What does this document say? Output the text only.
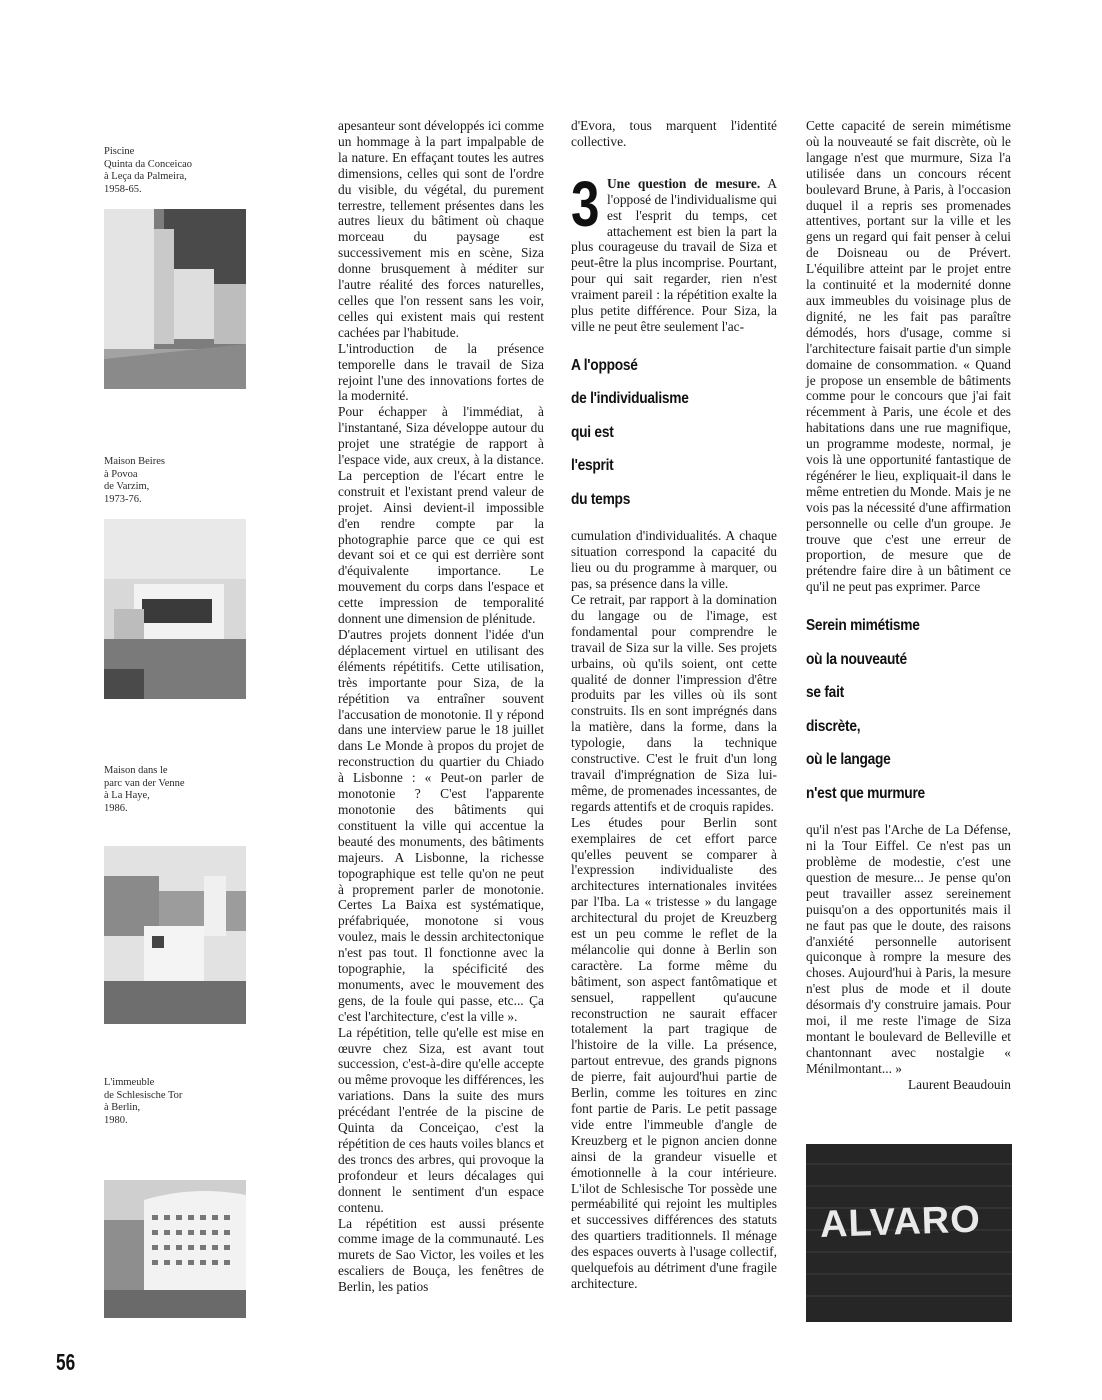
Piscine
Quinta da Conceicao
à Leça da Palmeira,
1958-65.
Maison Beires
à Povoa
de Varzim,
1973-76.
Maison dans le
parc van der Venne
à La Haye,
1986.
L'immeuble
de Schlesische Tor
à Berlin,
1980.

apesanteur sont développés ici comme un hommage à la part impalpable de la nature. En effaçant toutes les autres dimensions, celles qui sont de l'ordre du visible, du végétal, du purement terrestre, tellement présentes dans les autres lieux du bâtiment où chaque morceau du paysage est successivement mis en scène, Siza donne brusquement à méditer sur l'autre réalité des forces naturelles, celles que l'on ressent sans les voir, celles qui existent mais qui restent cachées par l'habitude.

L'introduction de la présence temporelle dans le travail de Siza rejoint l'une des innovations fortes de la modernité.

Pour échapper à l'immédiat, à l'instantané, Siza développe autour du projet une stratégie de rapport à l'espace vide, aux creux, à la distance. La perception de l'écart entre le construit et l'existant prend valeur de projet. Ainsi devient-il impossible d'en rendre compte par la photographie parce que ce qui est devant soi et ce qui est derrière sont d'équivalente importance. Le mouvement du corps dans l'espace et cette impression de temporalité donnent une dimension de plénitude.

D'autres projets donnent l'idée d'un déplacement virtuel en utilisant des éléments répétitifs. Cette utilisation, très importante pour Siza, de la répétition va entraîner souvent l'accusation de monotonie. Il y répond dans une interview parue le 18 juillet dans Le Monde à propos du projet de reconstruction du quartier du Chiado à Lisbonne : « Peut-on parler de monotonie ? C'est l'apparente monotonie des bâtiments qui constituent la ville qui accentue la beauté des monuments, des bâtiments majeurs. A Lisbonne, la richesse topographique est telle qu'on ne peut à proprement parler de monotonie. Certes La Baixa est systématique, préfabriquée, monotone si vous voulez, mais le dessin architectonique n'est pas tout. Il fonctionne avec la topographie, la spécificité des monuments, avec le mouvement des gens, de la foule qui passe, etc... Ça c'est l'architecture, c'est la ville ».

La répétition, telle qu'elle est mise en œuvre chez Siza, est avant tout succession, c'est-à-dire qu'elle accepte ou même provoque les différences, les variations. Dans la suite des murs précédant l'entrée de la piscine de Quinta da Conceiçao, c'est la répétition de ces hauts voiles blancs et des troncs des arbres, qui provoque la profondeur et leurs décalages qui donnent le sentiment d'un espace contenu.

La répétition est aussi présente comme image de la communauté. Les murets de Sao Victor, les voiles et les escaliers de Bouça, les fenêtres de Berlin, les patios

d'Evora, tous marquent l'identité collective.

3 Une question de mesure. A l'opposé de l'individualisme qui est l'esprit du temps, cet attachement est bien la part la plus courageuse du travail de Siza et peut-être la plus incomprise. Pourtant, pour qui sait regarder, rien n'est vraiment pareil : la répétition exalte la plus petite différence. Pour Siza, la ville ne peut être seulement l'ac-

A l'opposé
de l'individualisme
qui est
l'esprit
du temps

cumulation d'individualités. A chaque situation correspond la capacité du lieu ou du programme à marquer, ou pas, sa présence dans la ville.

Ce retrait, par rapport à la domination du langage ou de l'image, est fondamental pour comprendre le travail de Siza sur la ville. Ses projets urbains, où qu'ils soient, ont cette qualité de donner l'impression d'être produits par les villes où ils sont construits. Ils en sont imprégnés dans la matière, dans la forme, dans la typologie, dans la technique constructive. C'est le fruit d'un long travail d'imprégnation de Siza lui-même, de promenades incessantes, de regards attentifs et de croquis rapides.

Les études pour Berlin sont exemplaires de cet effort parce qu'elles peuvent se comparer à l'expression individualiste des architectures internationales invitées par l'Iba. La « tristesse » du langage architectural du projet de Kreuzberg est un peu comme le reflet de la mélancolie qui donne à Berlin son caractère. La forme même du bâtiment, son aspect fantômatique et sensuel, rappellent qu'aucune reconstruction ne saurait effacer totalement la part tragique de l'histoire de la ville. La présence, partout entrevue, des grands pignons de pierre, fait aujourd'hui partie de Berlin, comme les toitures en zinc font partie de Paris. Le petit passage vide entre l'immeuble d'angle de Kreuzberg et le pignon ancien donne ainsi de la grandeur visuelle et émotionnelle à la cour intérieure. L'ilot de Schlesische Tor possède une perméabilité qui rejoint les multiples et successives différences des statuts des quartiers traditionnels. Il ménage des espaces ouverts à l'usage collectif, quelquefois au détriment d'une fragile architecture.

Cette capacité de serein mimétisme où la nouveauté se fait discrète, où le langage n'est que murmure, Siza l'a utilisée dans un concours récent boulevard Brune, à Paris, à l'occasion duquel il a repris ses promenades attentives, portant sur la ville et les gens un regard qui fait penser à celui de Doisneau ou de Prévert. L'équilibre atteint par le projet entre la continuité et la modernité donne aux immeubles du voisinage plus de dignité, ne les fait pas paraître démodés, hors d'usage, comme si l'architecture faisait partie d'un simple domaine de consommation. « Quand je propose un ensemble de bâtiments comme pour le concours que j'ai fait récemment à Paris, une école et des habitations dans une rue magnifique, un programme modeste, normal, je vois là une opportunité fantastique de régénérer le lieu, expliquait-il dans le même entretien du Monde. Mais je ne vois pas la nécessité d'une affirmation personnelle ou celle d'un groupe. Je trouve que c'est une erreur de proportion, de mesure que de prétendre faire dire à un bâtiment ce qu'il ne peut pas exprimer. Parce

Serein mimétisme
où la nouveauté
se fait
discrète,
où le langage
n'est que murmure

qu'il n'est pas l'Arche de La Défense, ni la Tour Eiffel. Ce n'est pas un problème de modestie, c'est une question de mesure... Je pense qu'on peut travailler assez sereinement puisqu'on a des opportunités mais il ne faut pas que le doute, des raisons d'anxiété personnelle autorisent quiconque à rompre la mesure des choses. Aujourd'hui à Paris, la mesure n'est plus de mode et il doute désormais d'y construire jamais. Pour moi, il me reste l'image de Siza montant le boulevard de Belleville et chantonnant avec nostalgie « Ménilmontant... »

Laurent Beaudouin

ALVARO
56
